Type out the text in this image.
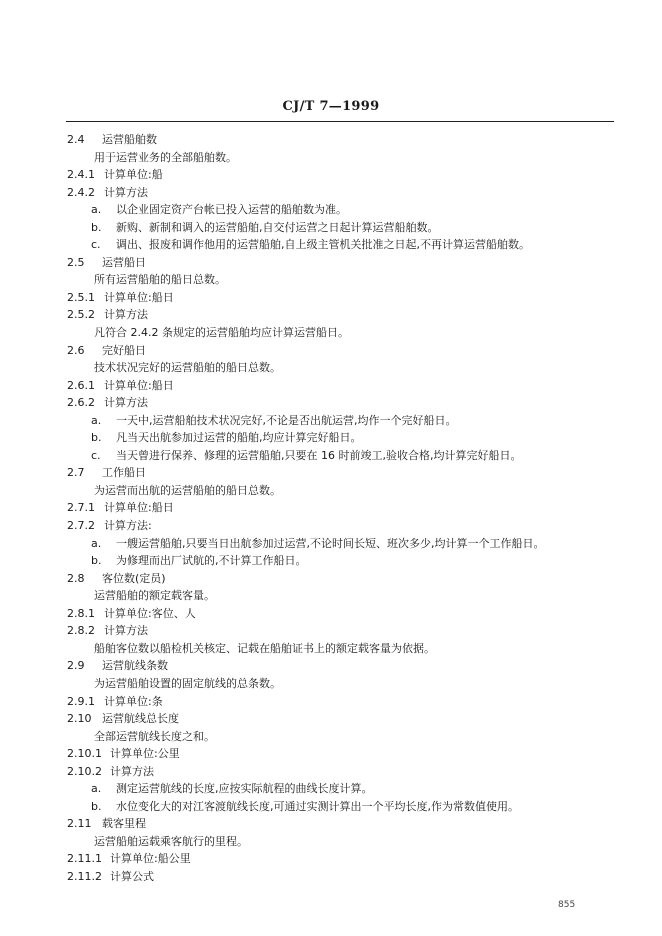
CJ/T 7—1999
2.4 运营船舶数
用于运营业务的全部船舶数。
2.4.1 计算单位:船
2.4.2 计算方法
a. 以企业固定资产台帐已投入运营的船舶数为准。
b. 新购、新制和调入的运营船舶,自交付运营之日起计算运营船舶数。
c. 调出、报废和调作他用的运营船舶,自上级主管机关批准之日起,不再计算运营船舶数。
2.5 运营船日
所有运营船舶的船日总数。
2.5.1 计算单位:船日
2.5.2 计算方法
凡符合 2.4.2 条规定的运营船舶均应计算运营船日。
2.6 完好船日
技术状况完好的运营船舶的船日总数。
2.6.1 计算单位:船日
2.6.2 计算方法
a. 一天中,运营船舶技术状况完好,不论是否出航运营,均作一个完好船日。
b. 凡当天出航参加过运营的船舶,均应计算完好船日。
c. 当天曾进行保养、修理的运营船舶,只要在 16 时前竣工,验收合格,均计算完好船日。
2.7 工作船日
为运营而出航的运营船舶的船日总数。
2.7.1 计算单位:船日
2.7.2 计算方法:
a. 一艘运营船舶,只要当日出航参加过运营,不论时间长短、班次多少,均计算一个工作船日。
b. 为修理而出厂试航的,不计算工作船日。
2.8 客位数(定员)
运营船舶的额定载客量。
2.8.1 计算单位:客位、人
2.8.2 计算方法
船舶客位数以船检机关核定、记载在船舶证书上的额定载客量为依据。
2.9 运营航线条数
为运营船舶设置的固定航线的总条数。
2.9.1 计算单位:条
2.10 运营航线总长度
全部运营航线长度之和。
2.10.1 计算单位:公里
2.10.2 计算方法
a. 测定运营航线的长度,应按实际航程的曲线长度计算。
b. 水位变化大的对江客渡航线长度,可通过实测计算出一个平均长度,作为常数值使用。
2.11 载客里程
运营船舶运载乘客航行的里程。
2.11.1 计算单位:船公里
2.11.2 计算公式
855
